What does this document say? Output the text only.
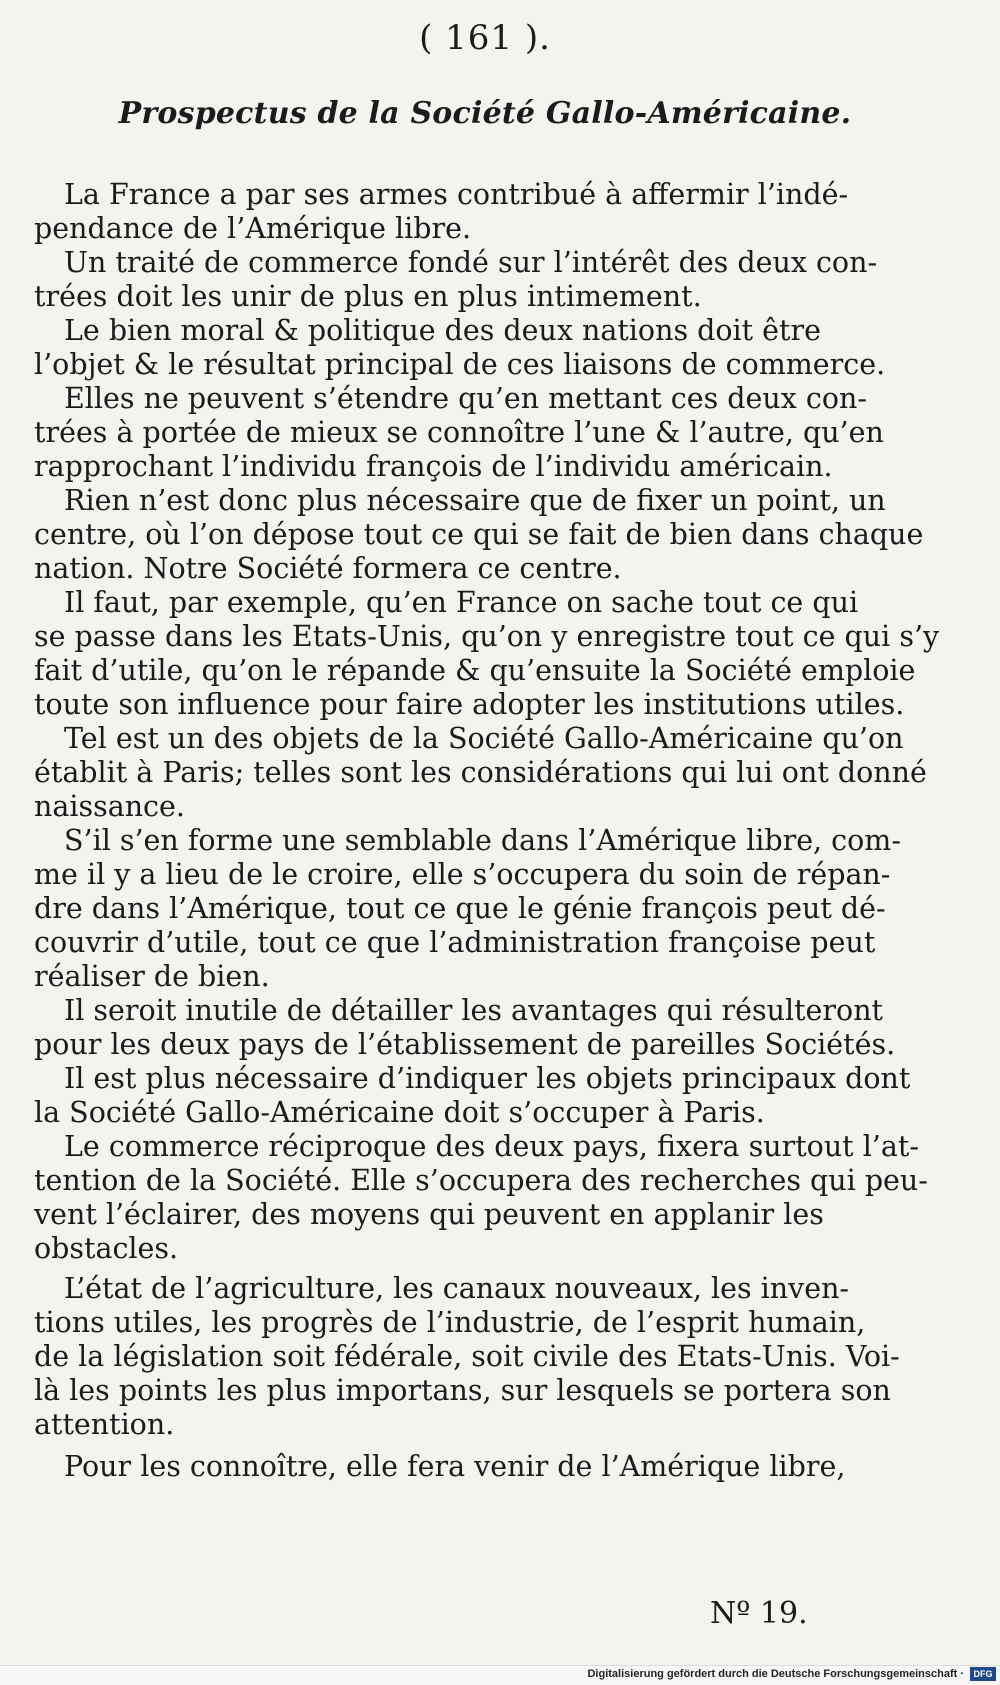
( 161 ).
Prospectus de la Société Gallo-Américaine.
La France a par ses armes contribué à affermir l’indé-
pendance de l’Amérique libre.
Un traité de commerce fondé sur l’intérêt des deux con-
trées doit les unir de plus en plus intimement.
Le bien moral & politique des deux nations doit être
l’objet & le résultat principal de ces liaisons de commerce.
Elles ne peuvent s’étendre qu’en mettant ces deux con-
trées à portée de mieux se connoître l’une & l’autre, qu’en
rapprochant l’individu françois de l’individu américain.
Rien n’est donc plus nécessaire que de fixer un point, un
centre, où l’on dépose tout ce qui se fait de bien dans chaque
nation. Notre Société formera ce centre.
Il faut, par exemple, qu’en France on sache tout ce qui
se passe dans les Etats-Unis, qu’on y enregistre tout ce qui s’y
fait d’utile, qu’on le répande & qu’ensuite la Société emploie
toute son influence pour faire adopter les institutions utiles.
Tel est un des objets de la Société Gallo-Américaine qu’on
établit à Paris; telles sont les considérations qui lui ont donné
naissance.
S’il s’en forme une semblable dans l’Amérique libre, com-
me il y a lieu de le croire, elle s’occupera du soin de répan-
dre dans l’Amérique, tout ce que le génie françois peut dé-
couvrir d’utile, tout ce que l’administration françoise peut
réaliser de bien.
Il seroit inutile de détailler les avantages qui résulteront
pour les deux pays de l’établissement de pareilles Sociétés.
Il est plus nécessaire d’indiquer les objets principaux dont
la Société Gallo-Américaine doit s’occuper à Paris.
Le commerce réciproque des deux pays, fixera surtout l’at-
tention de la Société. Elle s’occupera des recherches qui peu-
vent l’éclairer, des moyens qui peuvent en applanir les
obstacles.
L’état de l’agriculture, les canaux nouveaux, les inven-
tions utiles, les progrès de l’industrie, de l’esprit humain,
de la législation soit fédérale, soit civile des Etats-Unis. Voi-
là les points les plus importans, sur lesquels se portera son
attention.
Pour les connoître, elle fera venir de l’Amérique libre,
Nº 19.
Digitalisierung gefördert durch die Deutsche Forschungsgemeinschaft ·	DFG
